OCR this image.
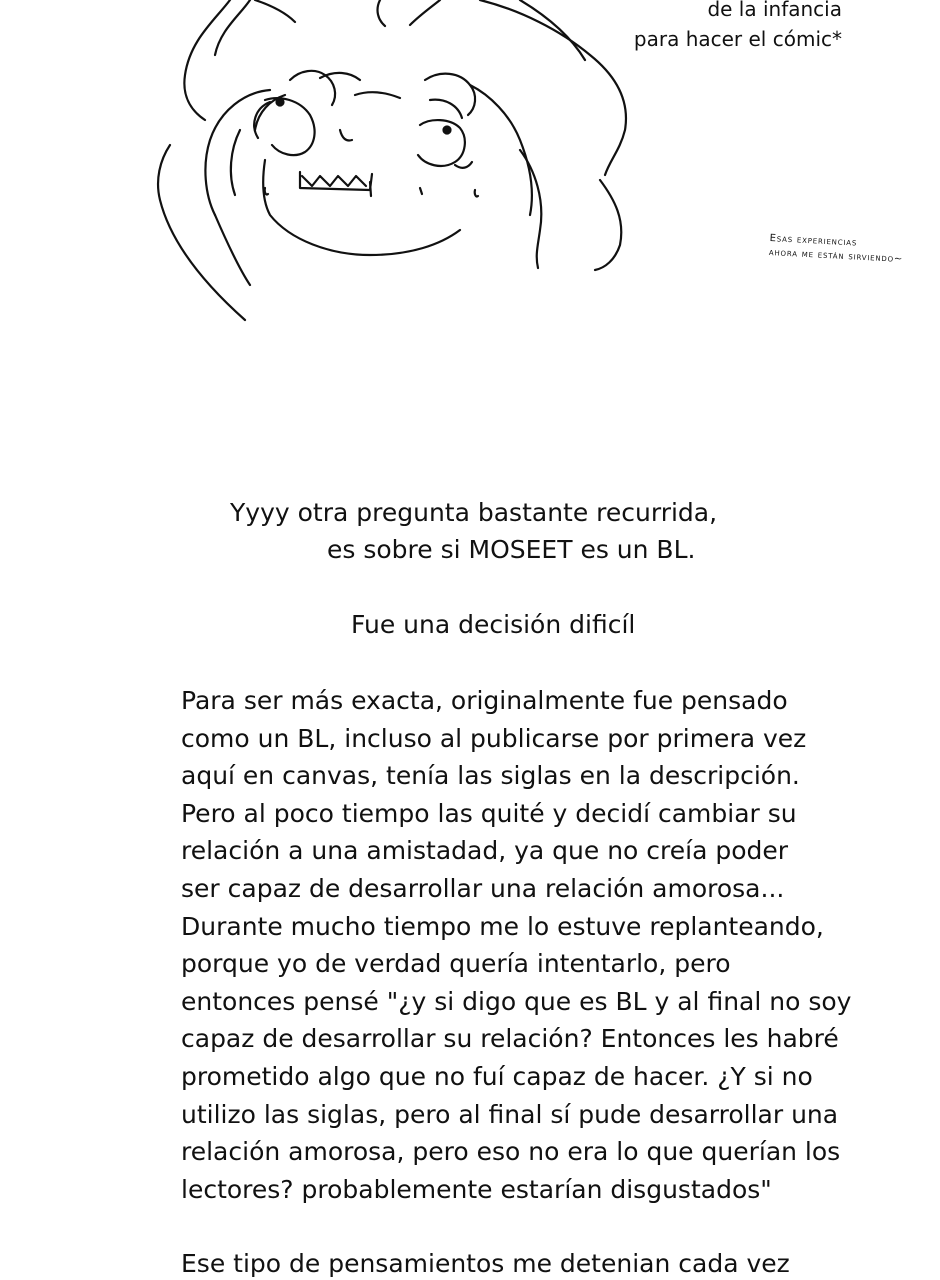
de la infancia
para hacer el cómic*
Esas experiencias
ahora me están sirviendo~
Yyyy otra pregunta bastante recurrida,
es sobre si MOSEET es un BL.
Fue una decisión dificíl
Para ser más exacta, originalmente fue pensado
como un BL, incluso al publicarse por primera vez
aquí en canvas, tenía las siglas en la descripción.
Pero al poco tiempo las quité y decidí cambiar su
relación a una amistadad, ya que no creía poder
ser capaz de desarrollar una relación amorosa...
Durante mucho tiempo me lo estuve replanteando,
porque yo de verdad quería intentarlo, pero
entonces pensé "¿y si digo que es BL y al final no soy
capaz de desarrollar su relación? Entonces les habré
prometido algo que no fuí capaz de hacer. ¿Y si no
utilizo las siglas, pero al final sí pude desarrollar una
relación amorosa, pero eso no era lo que querían los
lectores? probablemente estarían disgustados"
Ese tipo de pensamientos me detenian cada vez
